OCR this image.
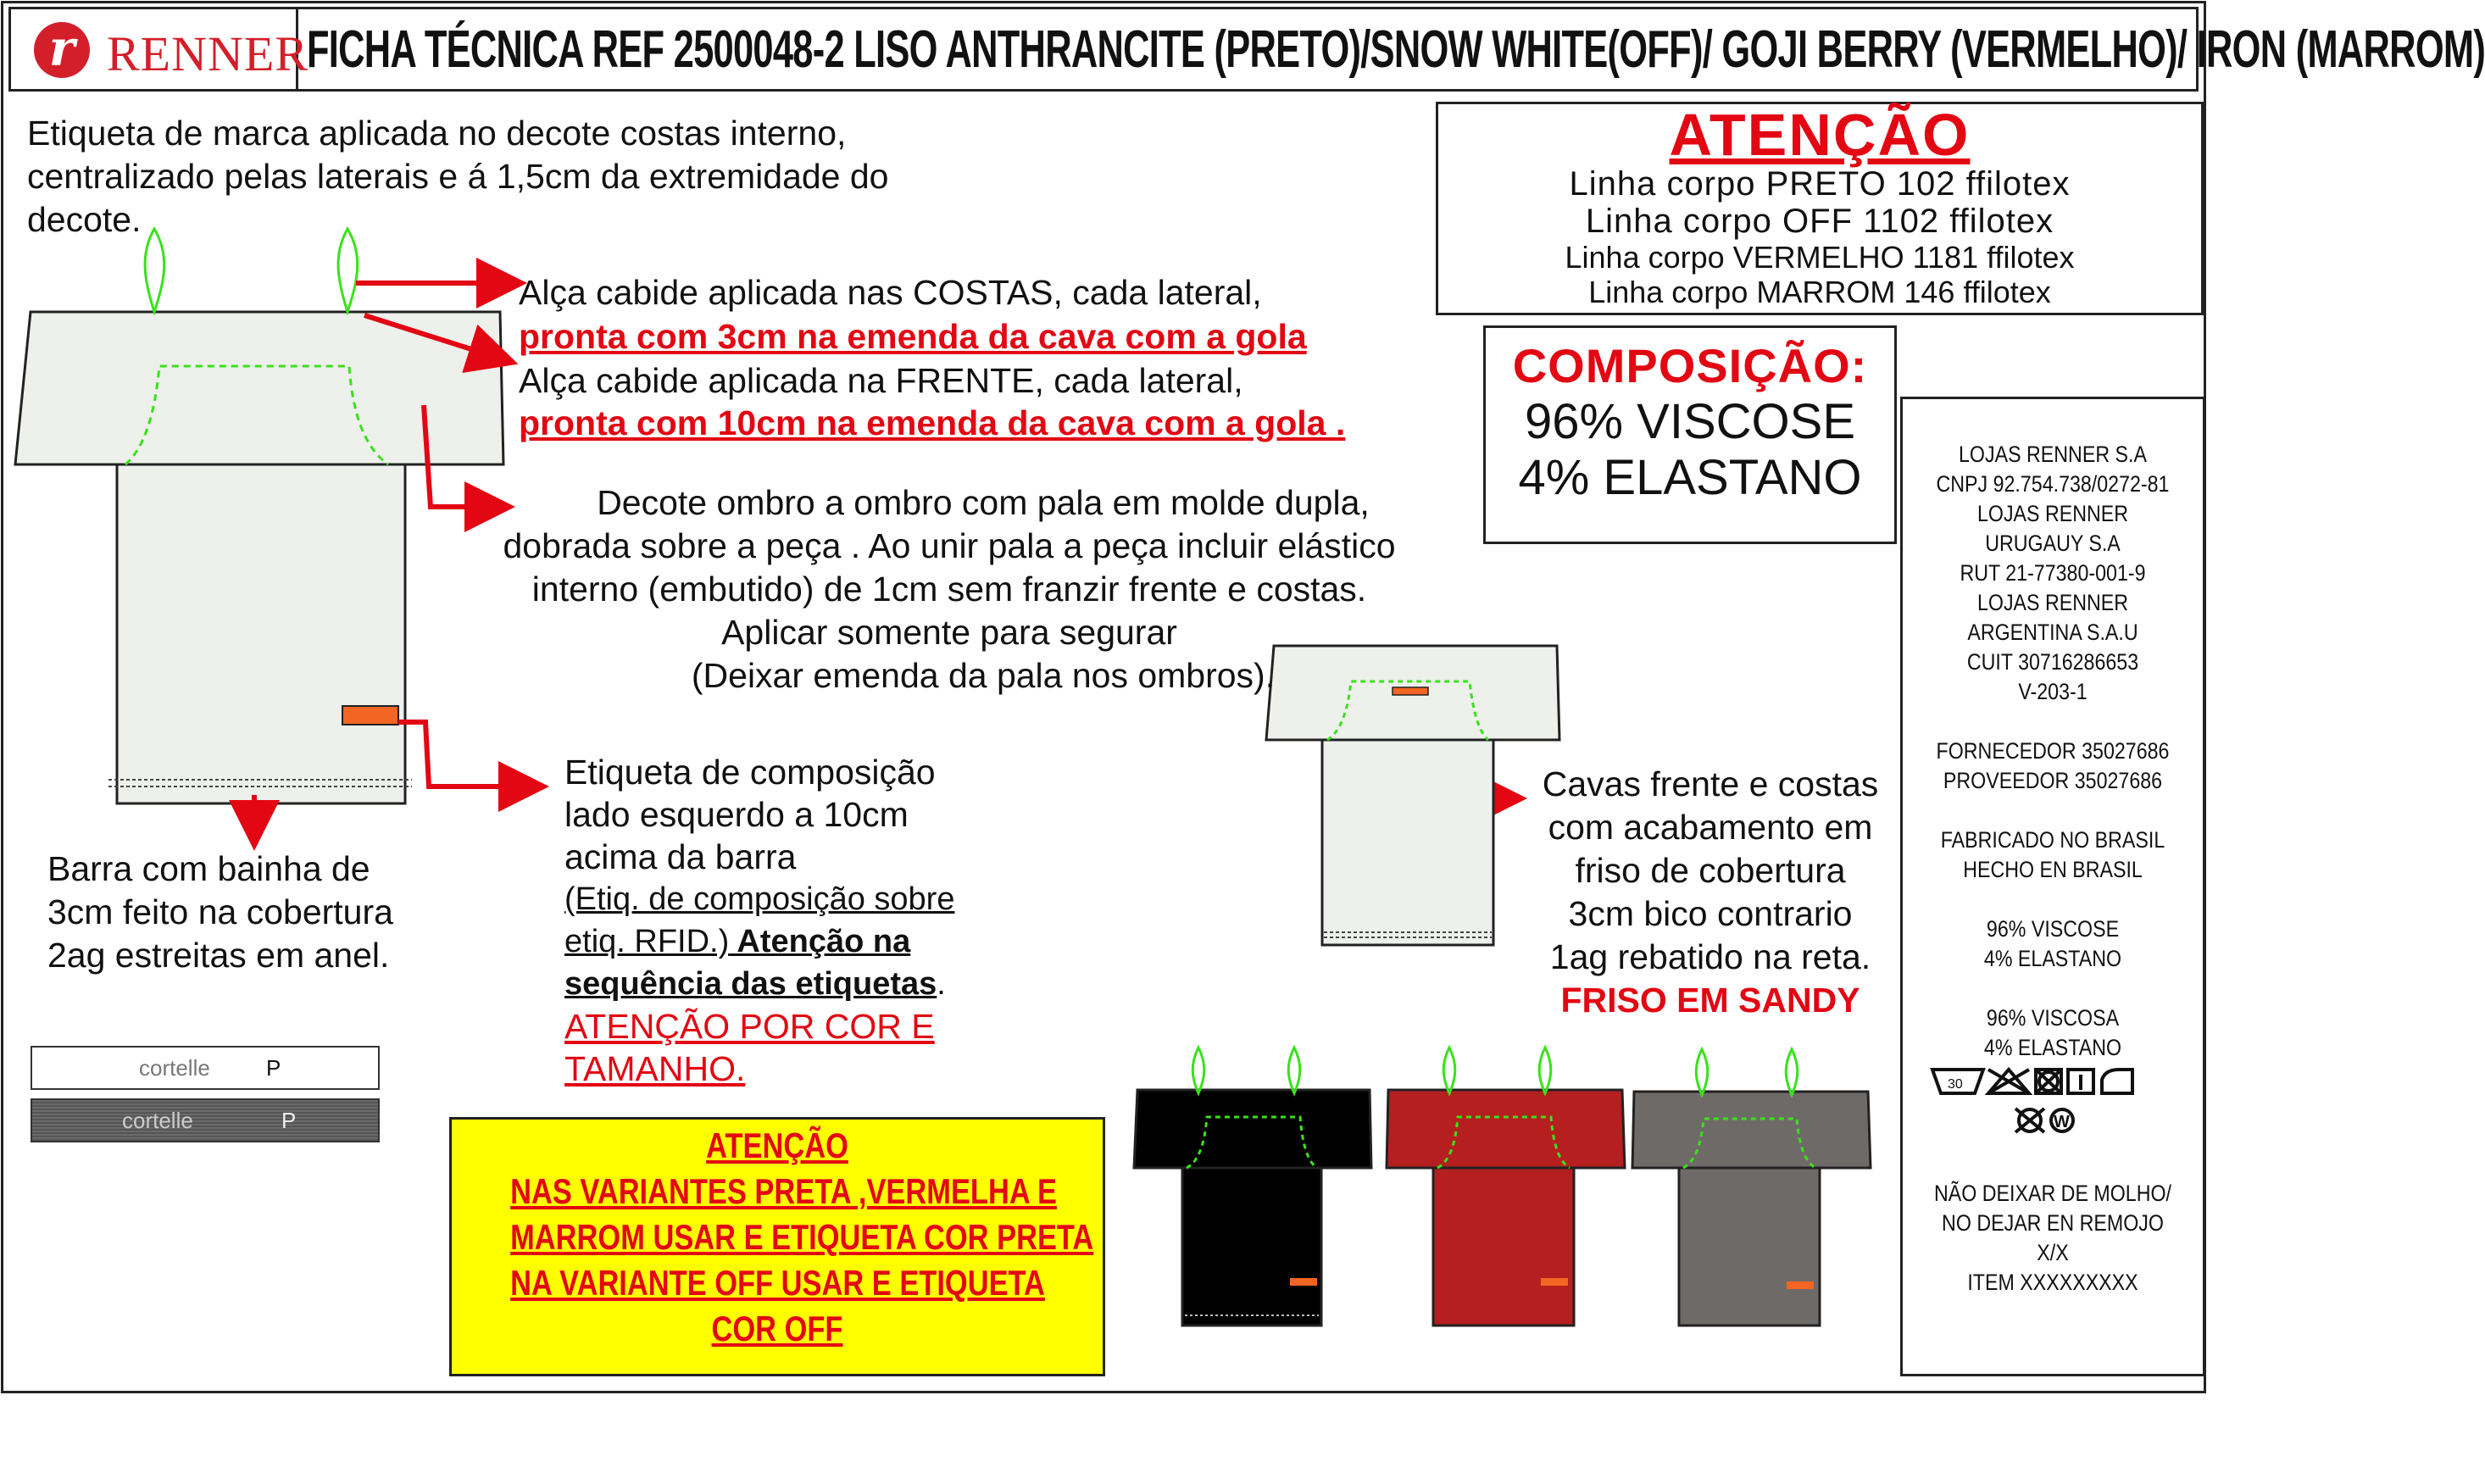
r RENNER
FICHA TÉCNICA REF 2500048-2 LISO ANTHRANCITE (PRETO)/SNOW WHITE(OFF)/ GOJI BERRY (VERMELHO)/ IRON (MARROM)
30
W
Etiqueta de marca aplicada no decote costas interno,
centralizado pelas laterais e á 1,5cm da extremidade do
decote.
Alça cabide aplicada nas COSTAS, cada lateral,
pronta com 3cm na emenda da cava com a gola
Alça cabide aplicada na FRENTE, cada lateral,
pronta com 10cm na emenda da cava com a gola .
Decote ombro a ombro com pala em molde dupla,
dobrada sobre a peça . Ao unir pala a peça incluir elástico
interno (embutido) de 1cm sem franzir frente e costas.
Aplicar somente para segurar
(Deixar emenda da pala nos ombros).
Barra com bainha de
3cm feito na cobertura
2ag estreitas em anel.
Etiqueta de composição
lado esquerdo a 10cm
acima da barra
(Etiq. de composição sobre
etiq. RFID.) Atenção na
sequência das etiquetas.
ATENÇÃO POR COR E
TAMANHO.
Cavas frente e costas
com acabamento em
friso de cobertura
3cm bico contrario
1ag rebatido na reta.
FRISO EM SANDY
ATENÇÃO
Linha corpo PRETO 102 ffilotex
Linha corpo OFF 1102 ffilotex
Linha corpo VERMELHO 1181 ffilotex
Linha corpo MARROM 146 ffilotex
COMPOSIÇÃO:
96% VISCOSE
4% ELASTANO	LOJAS RENNER S.A
CNPJ 92.754.738/0272-81
LOJAS RENNER
URUGAUY S.A
RUT 21-77380-001-9
LOJAS RENNER
ARGENTINA S.A.U
CUIT 30716286653
V-203-1
FORNECEDOR 35027686
PROVEEDOR 35027686
FABRICADO NO BRASIL
HECHO EN BRASIL
96% VISCOSE
4% ELASTANO
96% VISCOSA
4% ELASTANO
NÃO DEIXAR DE MOLHO/
NO DEJAR EN REMOJO
X/X
ITEM XXXXXXXXX
cortelle	P
cortelle	P
ATENÇÃO
NAS VARIANTES PRETA ,VERMELHA E
MARROM USAR E ETIQUETA COR PRETA
NA VARIANTE OFF USAR E ETIQUETA
COR OFF
